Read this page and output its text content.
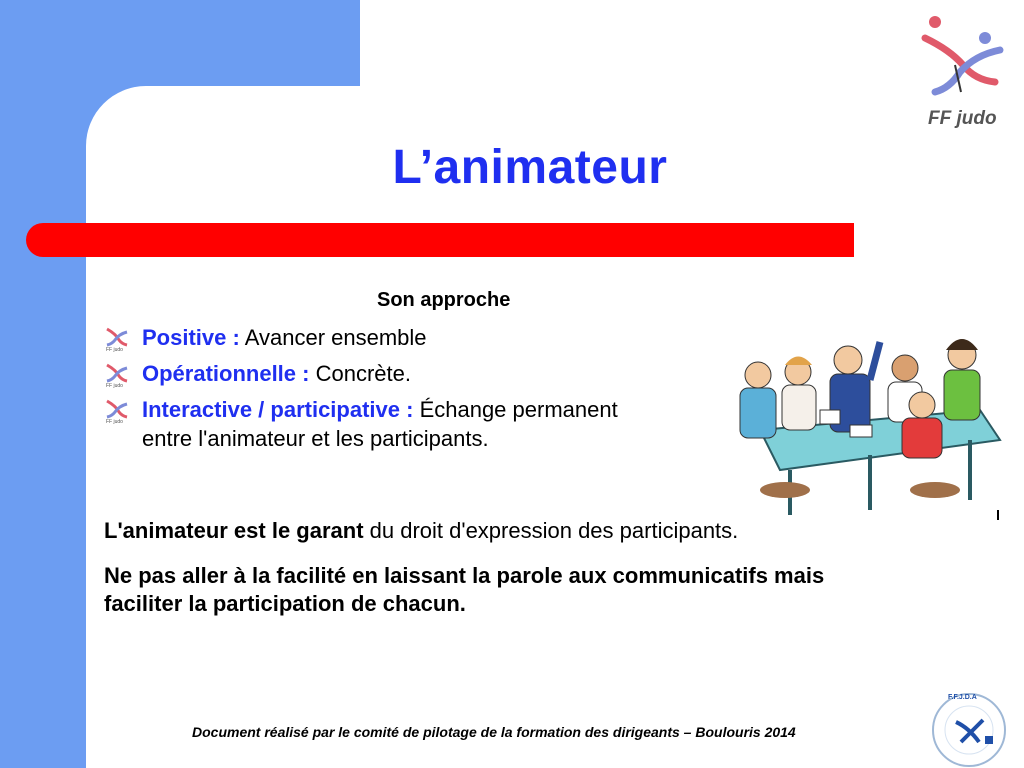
FF judo
L’animateur
Son approche
FF judo Positive : Avancer ensemble
FF judo Opérationnelle : Concrète.
FF judo Interactive / participative : Échange permanent
entre l'animateur et les participants.
L'animateur est le garant du droit d'expression des participants.
Ne pas aller à la facilité en laissant la parole aux communicatifs mais faciliter la participation de chacun.
Document réalisé par le comité de pilotage de la formation des dirigeants – Boulouris 2014
F.F.J.D.A
